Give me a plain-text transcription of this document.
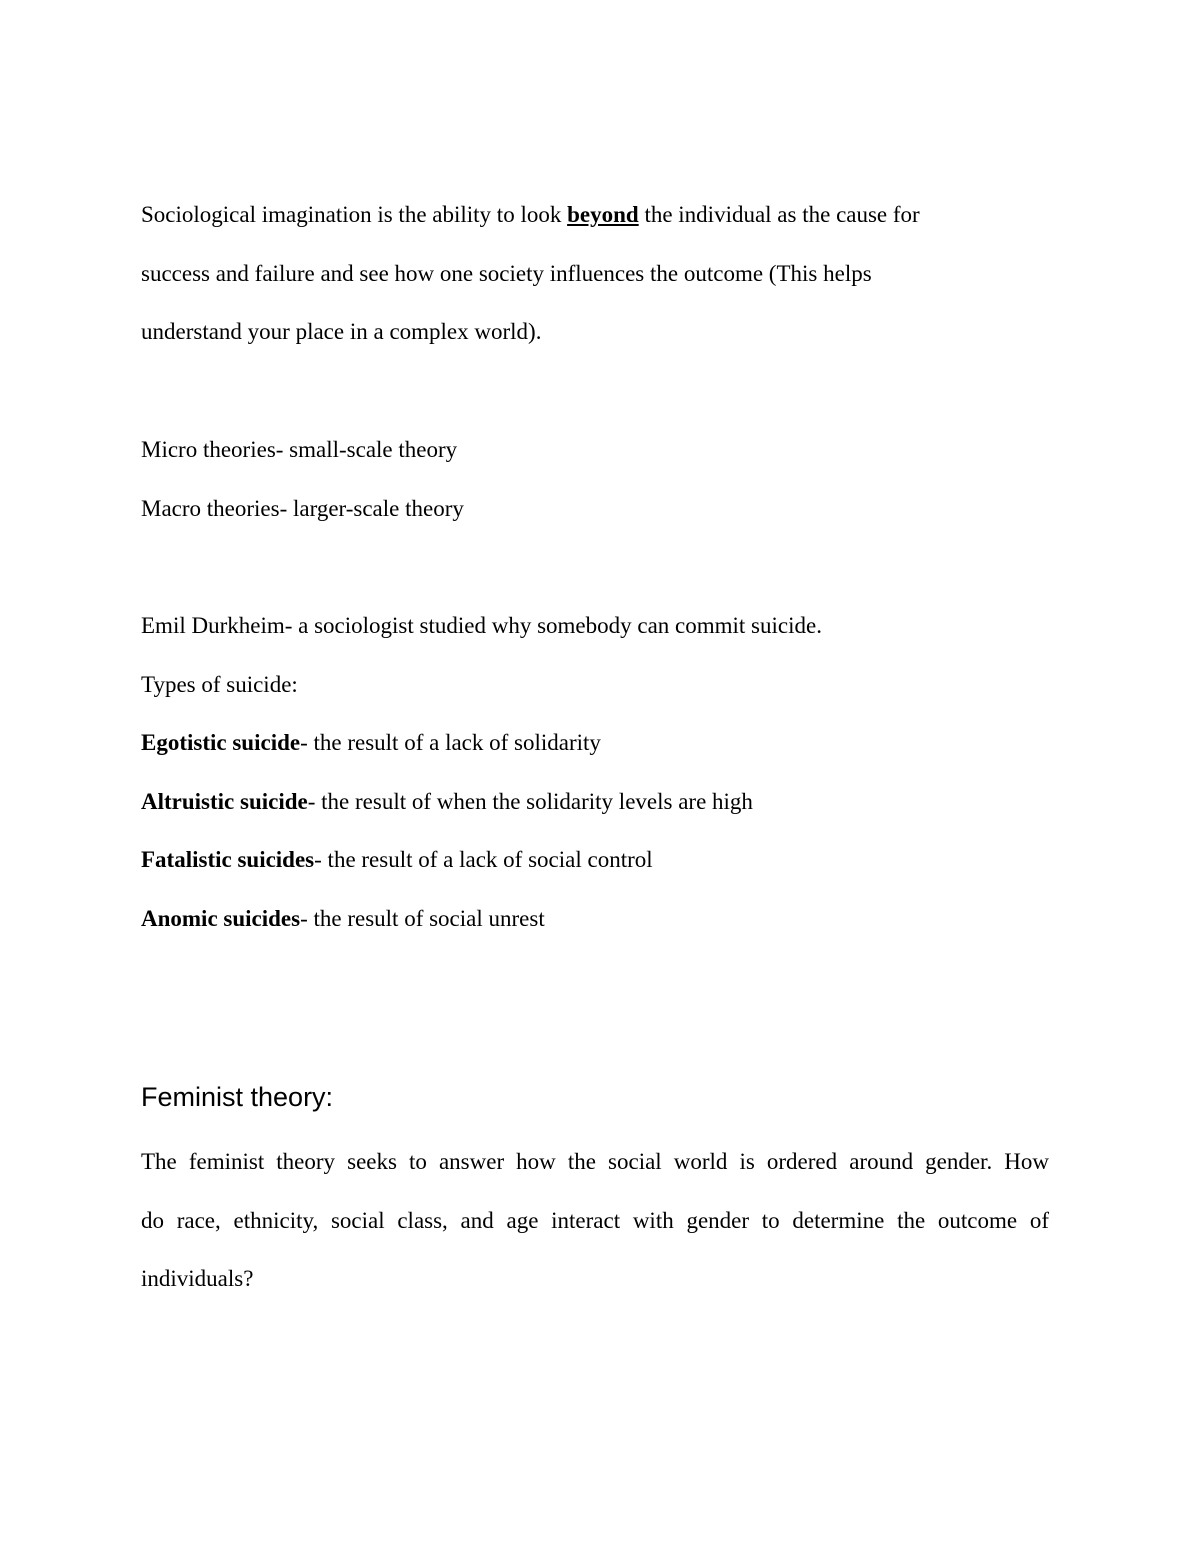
Sociological imagination is the ability to look beyond the individual as the cause for
success and failure and see how one society influences the outcome (This helps
understand your place in a complex world).
Micro theories- small-scale theory
Macro theories- larger-scale theory
Emil Durkheim- a sociologist studied why somebody can commit suicide.
Types of suicide:
Egotistic suicide- the result of a lack of solidarity
Altruistic suicide- the result of when the solidarity levels are high
Fatalistic suicides- the result of a lack of social control
Anomic suicides- the result of social unrest
Feminist theory:
The feminist theory seeks to answer how the social world is ordered around gender. How
do race, ethnicity, social class, and age interact with gender to determine the outcome of
individuals?
